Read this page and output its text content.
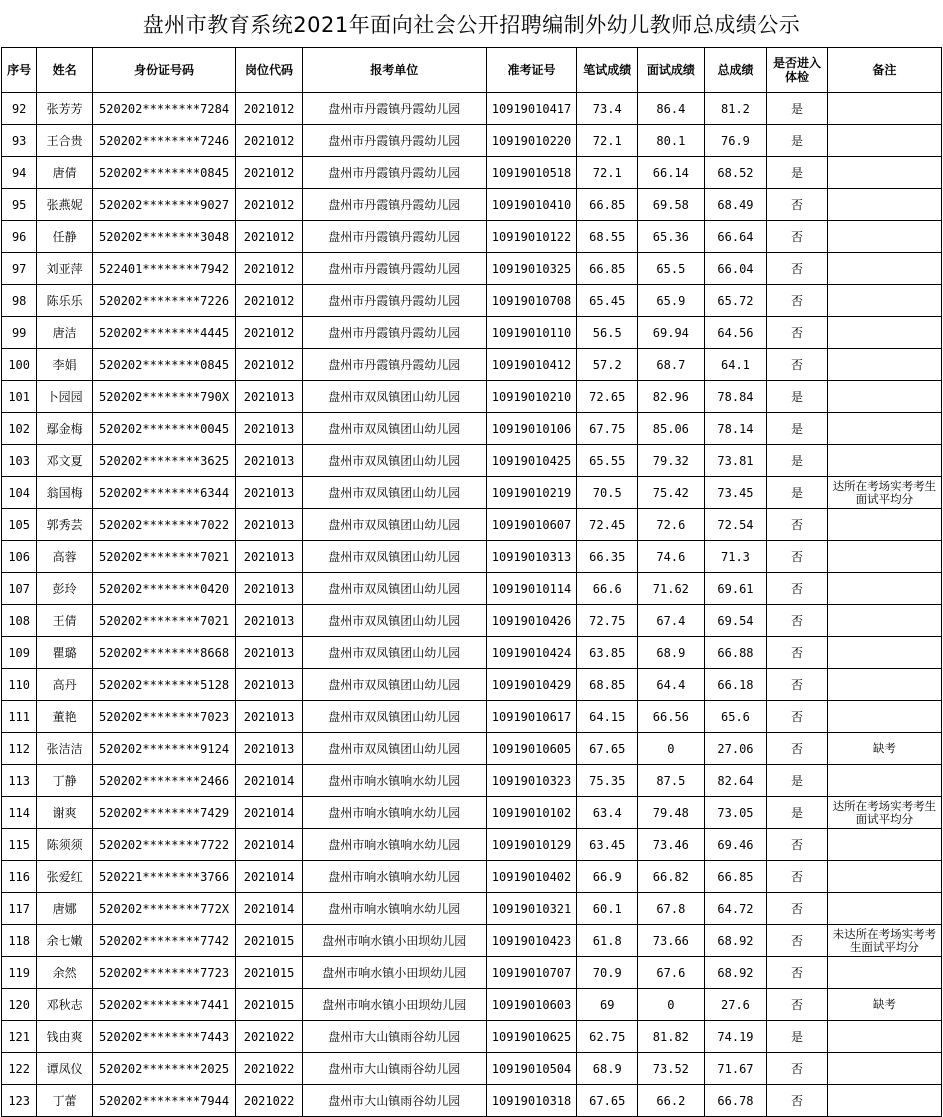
盘州市教育系统2021年面向社会公开招聘编制外幼儿教师总成绩公示
序号	姓名	身份证号码	岗位代码	报考单位	准考证号	笔试成绩	面试成绩	总成绩	是否进入体检	备注
92	张芳芳	520202********7284	2021012	盘州市丹霞镇丹霞幼儿园	10919010417	73.4	86.4	81.2	是	
93	王合贵	520202********7246	2021012	盘州市丹霞镇丹霞幼儿园	10919010220	72.1	80.1	76.9	是	
94	唐倩	520202********0845	2021012	盘州市丹霞镇丹霞幼儿园	10919010518	72.1	66.14	68.52	是	
95	张燕妮	520202********9027	2021012	盘州市丹霞镇丹霞幼儿园	10919010410	66.85	69.58	68.49	否	
96	任静	520202********3048	2021012	盘州市丹霞镇丹霞幼儿园	10919010122	68.55	65.36	66.64	否	
97	刘亚萍	522401********7942	2021012	盘州市丹霞镇丹霞幼儿园	10919010325	66.85	65.5	66.04	否	
98	陈乐乐	520202********7226	2021012	盘州市丹霞镇丹霞幼儿园	10919010708	65.45	65.9	65.72	否	
99	唐洁	520202********4445	2021012	盘州市丹霞镇丹霞幼儿园	10919010110	56.5	69.94	64.56	否	
100	李娟	520202********0845	2021012	盘州市丹霞镇丹霞幼儿园	10919010412	57.2	68.7	64.1	否	
101	卜园园	520202********790X	2021013	盘州市双凤镇团山幼儿园	10919010210	72.65	82.96	78.84	是	
102	鄢金梅	520202********0045	2021013	盘州市双凤镇团山幼儿园	10919010106	67.75	85.06	78.14	是	
103	邓文夏	520202********3625	2021013	盘州市双凤镇团山幼儿园	10919010425	65.55	79.32	73.81	是	
104	翁国梅	520202********6344	2021013	盘州市双凤镇团山幼儿园	10919010219	70.5	75.42	73.45	是	达所在考场实考考生面试平均分
105	郭秀芸	520202********7022	2021013	盘州市双凤镇团山幼儿园	10919010607	72.45	72.6	72.54	否	
106	高蓉	520202********7021	2021013	盘州市双凤镇团山幼儿园	10919010313	66.35	74.6	71.3	否	
107	彭玲	520202********0420	2021013	盘州市双凤镇团山幼儿园	10919010114	66.6	71.62	69.61	否	
108	王倩	520202********7021	2021013	盘州市双凤镇团山幼儿园	10919010426	72.75	67.4	69.54	否	
109	瞿璐	520202********8668	2021013	盘州市双凤镇团山幼儿园	10919010424	63.85	68.9	66.88	否	
110	高丹	520202********5128	2021013	盘州市双凤镇团山幼儿园	10919010429	68.85	64.4	66.18	否	
111	董艳	520202********7023	2021013	盘州市双凤镇团山幼儿园	10919010617	64.15	66.56	65.6	否	
112	张洁洁	520202********9124	2021013	盘州市双凤镇团山幼儿园	10919010605	67.65	0	27.06	否	缺考
113	丁静	520202********2466	2021014	盘州市响水镇响水幼儿园	10919010323	75.35	87.5	82.64	是	
114	谢爽	520202********7429	2021014	盘州市响水镇响水幼儿园	10919010102	63.4	79.48	73.05	是	达所在考场实考考生面试平均分
115	陈须须	520202********7722	2021014	盘州市响水镇响水幼儿园	10919010129	63.45	73.46	69.46	否	
116	张爱红	520221********3766	2021014	盘州市响水镇响水幼儿园	10919010402	66.9	66.82	66.85	否	
117	唐娜	520202********772X	2021014	盘州市响水镇响水幼儿园	10919010321	60.1	67.8	64.72	否	
118	余七嫩	520202********7742	2021015	盘州市响水镇小田坝幼儿园	10919010423	61.8	73.66	68.92	否	未达所在考场实考考生面试平均分
119	余然	520202********7723	2021015	盘州市响水镇小田坝幼儿园	10919010707	70.9	67.6	68.92	否	
120	邓秋志	520202********7441	2021015	盘州市响水镇小田坝幼儿园	10919010603	69	0	27.6	否	缺考
121	钱由爽	520202********7443	2021022	盘州市大山镇雨谷幼儿园	10919010625	62.75	81.82	74.19	是	
122	谭凤仪	520202********2025	2021022	盘州市大山镇雨谷幼儿园	10919010504	68.9	73.52	71.67	否	
123	丁蕾	520202********7944	2021022	盘州市大山镇雨谷幼儿园	10919010318	67.65	66.2	66.78	否	
